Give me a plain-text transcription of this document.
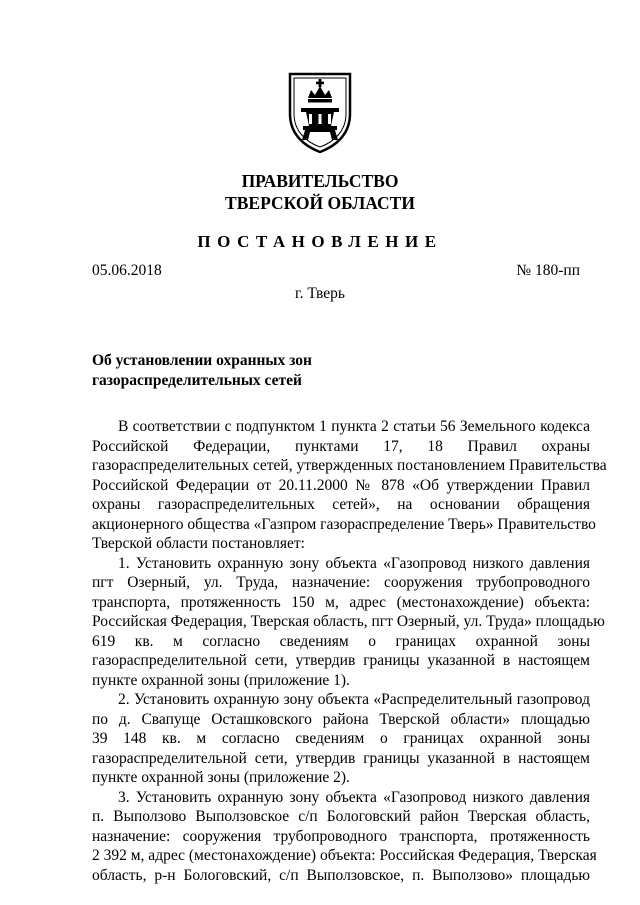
ПРАВИТЕЛЬСТВО
ТВЕРСКОЙ ОБЛАСТИ
ПОСТАНОВЛЕНИЕ
05.06.2018	№ 180-пп
г. Тверь
Об установлении охранных зон
газораспределительных сетей
В соответствии с подпунктом 1 пункта 2 статьи 56 Земельного кодекса
Российской Федерации, пунктами 17, 18 Правил охраны
газораспределительных сетей, утвержденных постановлением Правительства
Российской Федерации от 20.11.2000 № 878 «Об утверждении Правил
охраны газораспределительных сетей», на основании обращения
акционерного общества «Газпром газораспределение Тверь» Правительство
Тверской области постановляет:
1. Установить охранную зону объекта «Газопровод низкого давления
пгт Озерный, ул. Труда, назначение: сооружения трубопроводного
транспорта, протяженность 150 м, адрес (местонахождение) объекта:
Российская Федерация, Тверская область, пгт Озерный, ул. Труда» площадью
619 кв. м согласно сведениям о границах охранной зоны
газораспределительной сети, утвердив границы указанной в настоящем
пункте охранной зоны (приложение 1).
2. Установить охранную зону объекта «Распределительный газопровод
по д. Свапуще Осташковского района Тверской области» площадью
39 148 кв. м согласно сведениям о границах охранной зоны
газораспределительной сети, утвердив границы указанной в настоящем
пункте охранной зоны (приложение 2).
3. Установить охранную зону объекта «Газопровод низкого давления
п. Выползово Выползовское с/п Бологовский район Тверская область,
назначение: сооружения трубопроводного транспорта, протяженность
2 392 м, адрес (местонахождение) объекта: Российская Федерация, Тверская
область, р-н Бологовский, с/п Выползовское, п. Выползово» площадью
